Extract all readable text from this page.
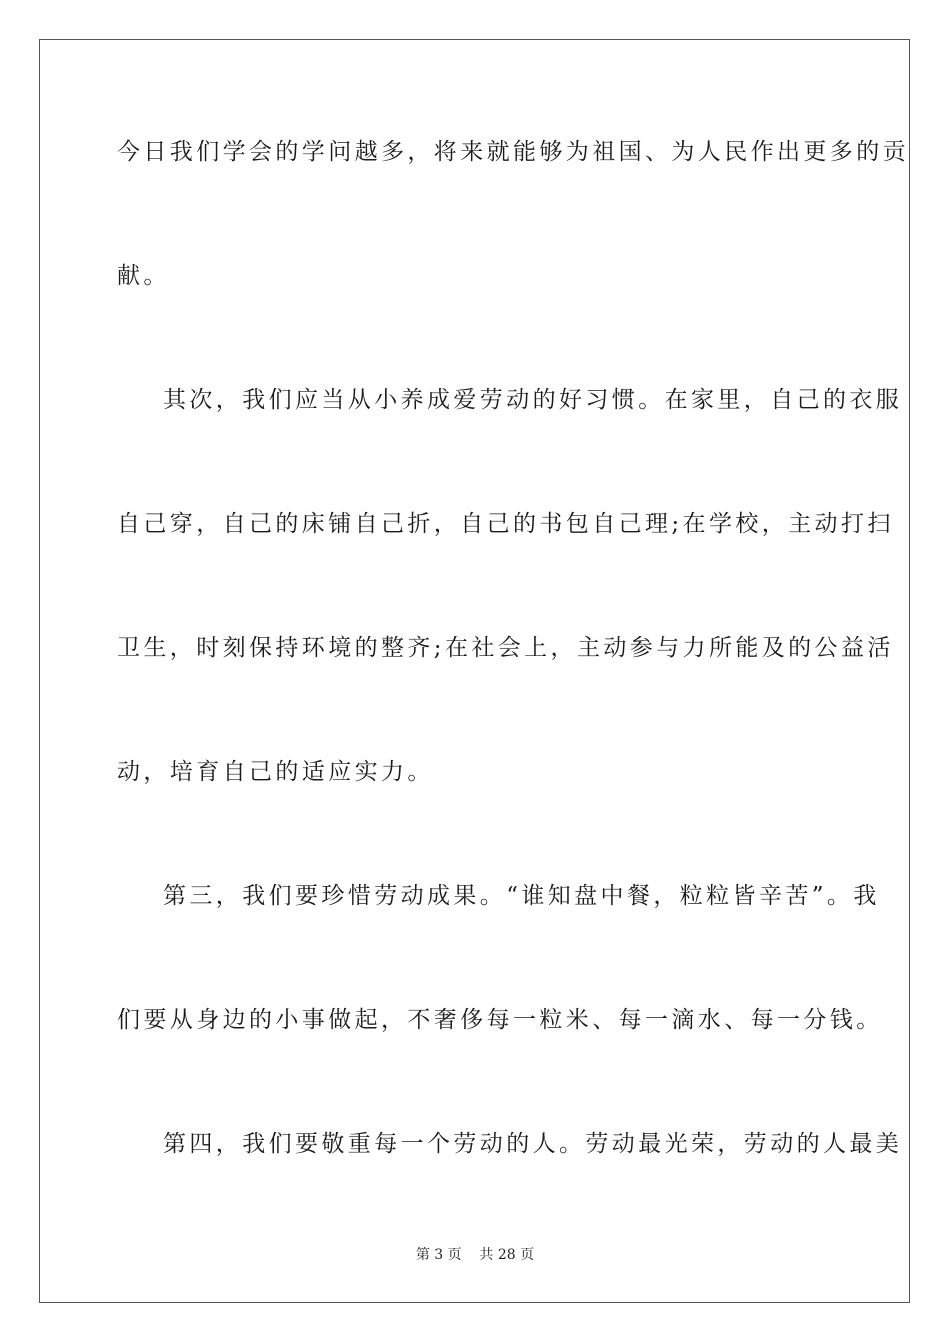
今日我们学会的学问越多，将来就能够为祖国、为人民作出更多的贡
献。
其次，我们应当从小养成爱劳动的好习惯。在家里，自己的衣服
自己穿，自己的床铺自己折，自己的书包自己理;在学校，主动打扫
卫生，时刻保持环境的整齐;在社会上，主动参与力所能及的公益活
动，培育自己的适应实力。
第三，我们要珍惜劳动成果。“谁知盘中餐，粒粒皆辛苦”。我
们要从身边的小事做起，不奢侈每一粒米、每一滴水、每一分钱。
第四，我们要敬重每一个劳动的人。劳动最光荣，劳动的人最美
第 3 页    共 28 页
